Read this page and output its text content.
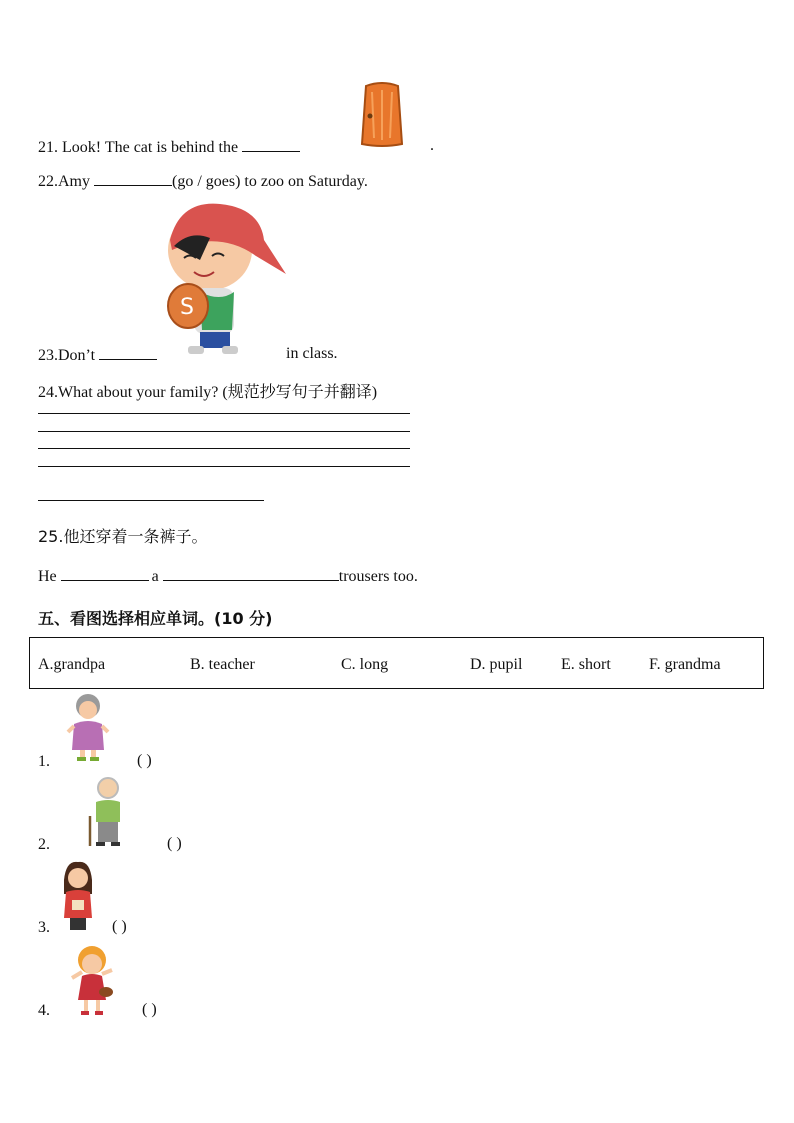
21. Look! The cat is behind the	.
22.Amy	(go / goes) to zoo on Saturday.
S
23.Don’t	in class.
24.What about your family? (规范抄写句子并翻译)
25.他还穿着一条裤子。
He	a	trousers too.
五、看图选择相应单词。(10 分)
A.grandpa	B. teacher	C. long	D. pupil E. short F. grandma
1.	( )
2.	( )
3.	( )
4.	( )
